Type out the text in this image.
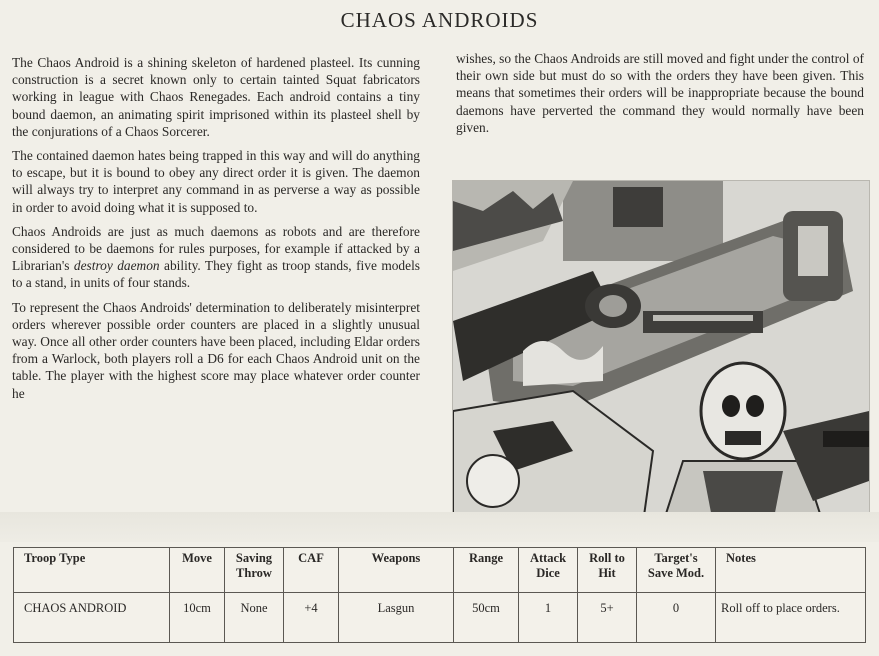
CHAOS ANDROIDS

The Chaos Android is a shining skeleton of hardened plasteel. Its cunning construction is a secret known only to certain tainted Squat fabricators working in league with Chaos Renegades. Each android contains a tiny bound daemon, an animating spirit imprisoned within its plasteel shell by the conjurations of a Chaos Sorcerer.

The contained daemon hates being trapped in this way and will do anything to escape, but it is bound to obey any direct order it is given. The daemon will always try to interpret any command in as perverse a way as possible in order to avoid doing what it is supposed to.

Chaos Androids are just as much daemons as robots and are therefore considered to be daemons for rules purposes, for example if attacked by a Librarian's destroy daemon ability. They fight as troop stands, five models to a stand, in units of four stands.

To represent the Chaos Androids' determination to deliberately misinterpret orders wherever possible order counters are placed in a slightly unusual way. Once all other order counters have been placed, including Eldar orders from a Warlock, both players roll a D6 for each Chaos Android unit on the table. The player with the highest score may place whatever order counter he

wishes, so the Chaos Androids are still moved and fight under the control of their own side but must do so with the orders they have been given. This means that sometimes their orders will be inappropriate because the bound daemons have perverted the command they would normally have been given.

Troop Type	Move	Saving Throw	CAF	Weapons	Range	Attack Dice	Roll to Hit	Target's Save Mod.	Notes
CHAOS ANDROID	10cm	None	+4	Lasgun	50cm	1	5+	0	Roll off to place orders.
